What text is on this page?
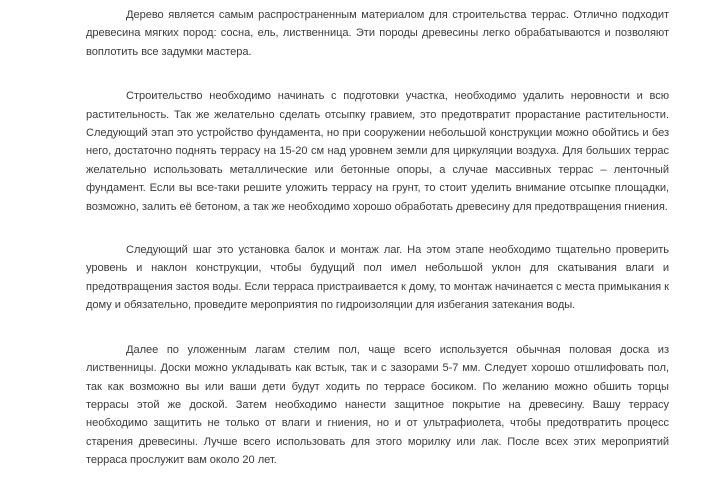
Дерево является самым распространенным материалом для строительства террас. Отлично подходит древесина мягких пород: сосна, ель, лиственница. Эти породы древесины легко обрабатываются и позволяют воплотить все задумки мастера.

Строительство необходимо начинать с подготовки участка, необходимо удалить неровности и всю растительность. Так же желательно сделать отсыпку гравием, это предотвратит прорастание растительности. Следующий этап это устройство фундамента, но при сооружении небольшой конструкции можно обойтись и без него, достаточно поднять террасу на 15-20 см над уровнем земли для циркуляции воздуха. Для больших террас желательно использовать металлические или бетонные опоры, а случае массивных террас – ленточный фундамент. Если вы все-таки решите уложить террасу на грунт, то стоит уделить внимание отсыпке площадки, возможно, залить её бетоном, а так же необходимо хорошо обработать древесину для предотвращения гниения.

Следующий шаг это установка балок и монтаж лаг. На этом этапе необходимо тщательно проверить уровень и наклон конструкции, чтобы будущий пол имел небольшой уклон для скатывания влаги и предотвращения застоя воды. Если терраса пристраивается к дому, то монтаж начинается с места примыкания к дому и обязательно, проведите мероприятия по гидроизоляции для избегания затекания воды.

Далее по уложенным лагам стелим пол, чаще всего используется обычная половая доска из лиственницы. Доски можно укладывать как встык, так и с зазорами 5-7 мм. Следует хорошо отшлифовать пол, так как возможно вы или ваши дети будут ходить по террасе босиком. По желанию можно обшить торцы террасы этой же доской. Затем необходимо нанести защитное покрытие на древесину. Вашу террасу необходимо защитить не только от влаги и гниения, но и от ультрафиолета, чтобы предотвратить процесс старения древесины. Лучше всего использовать для этого морилку или лак. После всех этих мероприятий терраса прослужит вам около 20 лет.
